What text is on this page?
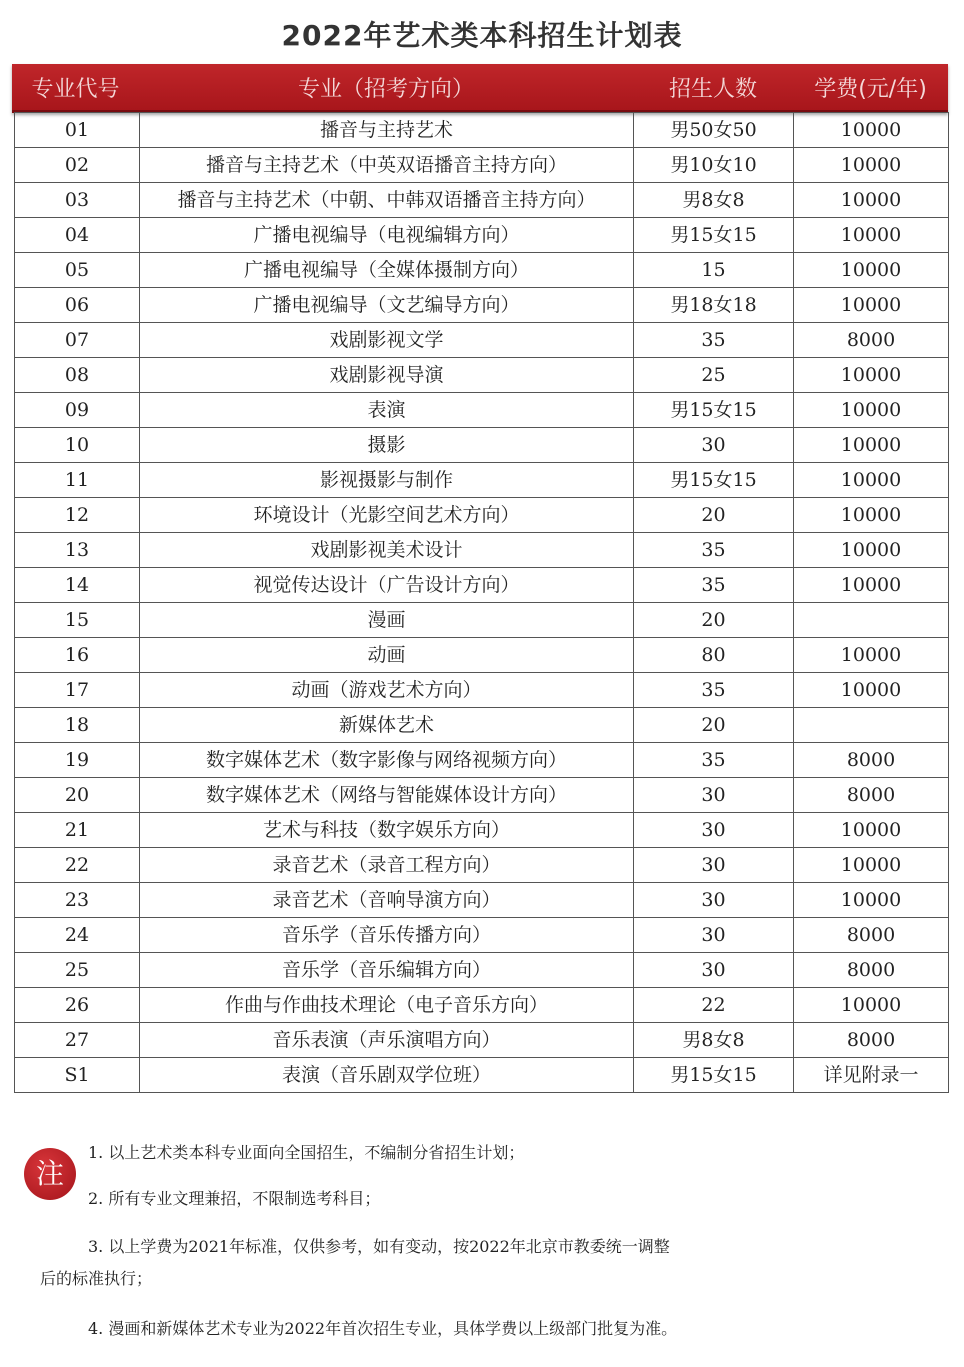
2022年艺术类本科招生计划表
专业代号	专业（招考方向）	招生人数	学费(元/年)
01	播音与主持艺术	男50女50	10000
02	播音与主持艺术（中英双语播音主持方向）	男10女10	10000
03	播音与主持艺术（中朝、中韩双语播音主持方向）	男8女8	10000
04	广播电视编导（电视编辑方向）	男15女15	10000
05	广播电视编导（全媒体摄制方向）	15	10000
06	广播电视编导（文艺编导方向）	男18女18	10000
07	戏剧影视文学	35	8000
08	戏剧影视导演	25	10000
09	表演	男15女15	10000
10	摄影	30	10000
11	影视摄影与制作	男15女15	10000
12	环境设计（光影空间艺术方向）	20	10000
13	戏剧影视美术设计	35	10000
14	视觉传达设计（广告设计方向）	35	10000
15	漫画	20	
16	动画	80	10000
17	动画（游戏艺术方向）	35	10000
18	新媒体艺术	20	
19	数字媒体艺术（数字影像与网络视频方向）	35	8000
20	数字媒体艺术（网络与智能媒体设计方向）	30	8000
21	艺术与科技（数字娱乐方向）	30	10000
22	录音艺术（录音工程方向）	30	10000
23	录音艺术（音响导演方向）	30	10000
24	音乐学（音乐传播方向）	30	8000
25	音乐学（音乐编辑方向）	30	8000
26	作曲与作曲技术理论（电子音乐方向）	22	10000
27	音乐表演（声乐演唱方向）	男8女8	8000
S1	表演（音乐剧双学位班）	男15女15	详见附录一
注
1. 以上艺术类本科专业面向全国招生，不编制分省招生计划；
2. 所有专业文理兼招，不限制选考科目；
3. 以上学费为2021年标准，仅供参考，如有变动，按2022年北京市教委统一调整
后的标准执行；
4. 漫画和新媒体艺术专业为2022年首次招生专业，具体学费以上级部门批复为准。
